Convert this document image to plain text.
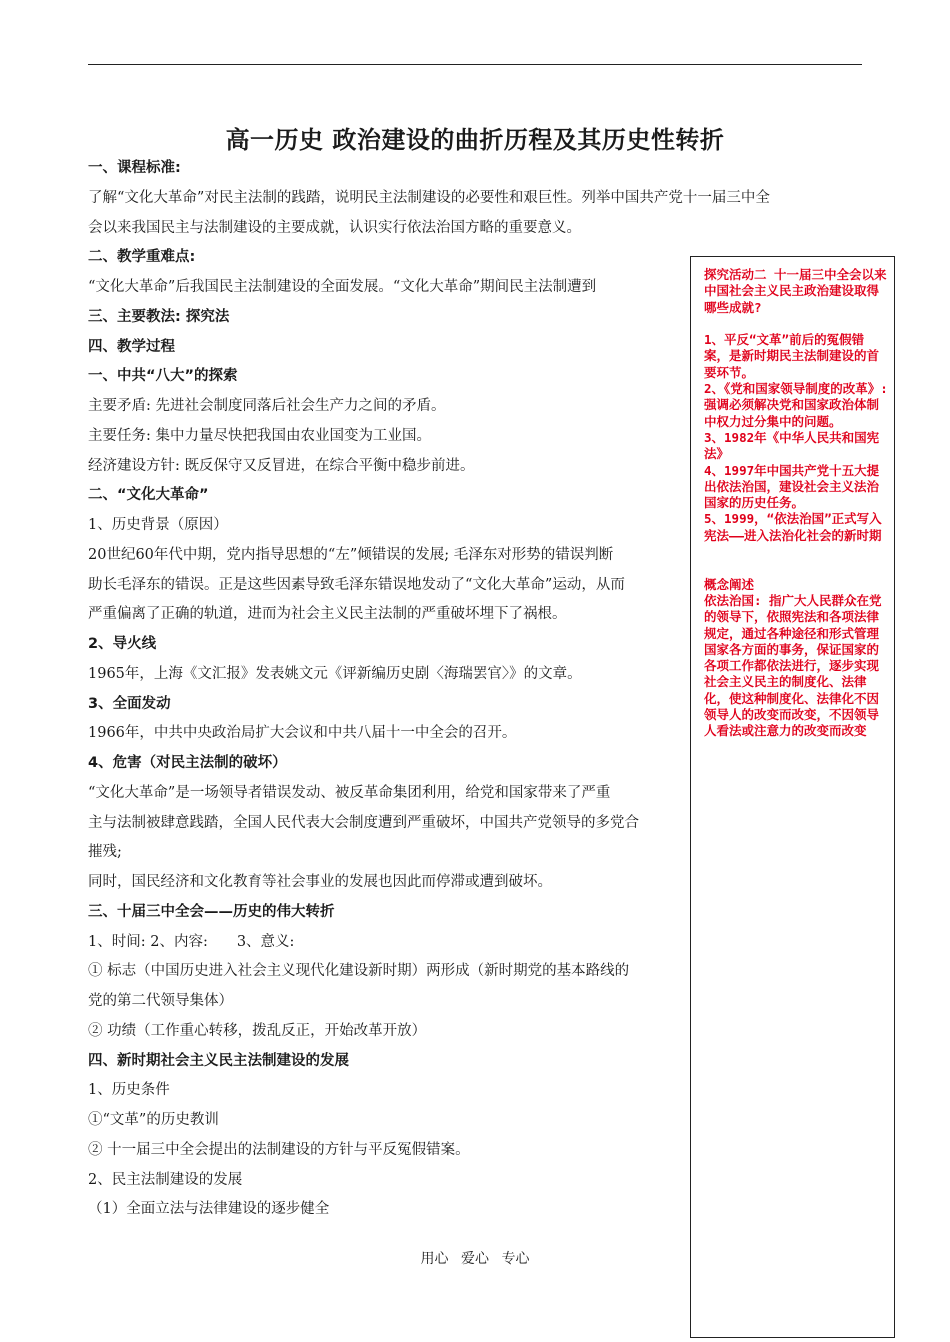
高一历史 政治建设的曲折历程及其历史性转折
一、课程标准:
了解“文化大革命”对民主法制的践踏，说明民主法制建设的必要性和艰巨性。列举中国共产党十一届三中全
会以来我国民主与法制建设的主要成就，认识实行依法治国方略的重要意义。
二、教学重难点:
“文化大革命”后我国民主法制建设的全面发展。“文化大革命”期间民主法制遭到
三、主要教法: 探究法
四、教学过程
一、中共“八大”的探索
主要矛盾: 先进社会制度同落后社会生产力之间的矛盾。
主要任务: 集中力量尽快把我国由农业国变为工业国。
经济建设方针: 既反保守又反冒进，在综合平衡中稳步前进。
二、“文化大革命”
1、历史背景（原因）
20世纪60年代中期，党内指导思想的“左”倾错误的发展; 毛泽东对形势的错误判断
助长毛泽东的错误。正是这些因素导致毛泽东错误地发动了“文化大革命”运动，从而
严重偏离了正确的轨道，进而为社会主义民主法制的严重破坏埋下了祸根。
2、导火线
1965年，上海《文汇报》发表姚文元《评新编历史剧〈海瑞罢官〉》的文章。
3、全面发动
1966年，中共中央政治局扩大会议和中共八届十一中全会的召开。
4、危害（对民主法制的破坏）
“文化大革命”是一场领导者错误发动、被反革命集团利用，给党和国家带来了严重
主与法制被肆意践踏，全国人民代表大会制度遭到严重破坏，中国共产党领导的多党合
摧残;
同时，国民经济和文化教育等社会事业的发展也因此而停滞或遭到破坏。
三、十届三中全会——历史的伟大转折
1、时间: 2、内容:　　3、意义:
① 标志（中国历史进入社会主义现代化建设新时期）两形成（新时期党的基本路线的
党的第二代领导集体）
② 功绩（工作重心转移，拨乱反正，开始改革开放）
四、新时期社会主义民主法制建设的发展
1、历史条件
①“文革”的历史教训
② 十一届三中全会提出的法制建设的方针与平反冤假错案。
2、民主法制建设的发展
（1）全面立法与法律建设的逐步健全
探究活动二 十一届三中全会以来中国社会主义民主政治建设取得哪些成就?
1、平反“文革”前后的冤假错案，是新时期民主法制建设的首要环节。
2、《党和国家领导制度的改革》: 强调必须解决党和国家政治体制中权力过分集中的问题。
3、1982年《中华人民共和国宪法》
4、1997年中国共产党十五大提出依法治国，建设社会主义法治国家的历史任务。
5、1999，“依法治国”正式写入宪法——进入法治化社会的新时期
概念阐述
依法治国: 指广大人民群众在党的领导下，依照宪法和各项法律规定，通过各种途径和形式管理国家各方面的事务，保证国家的各项工作都依法进行，逐步实现社会主义民主的制度化、法律化，使这种制度化、法律化不因领导人的改变而改变，不因领导人看法或注意力的改变而改变
用心 爱心 专心
